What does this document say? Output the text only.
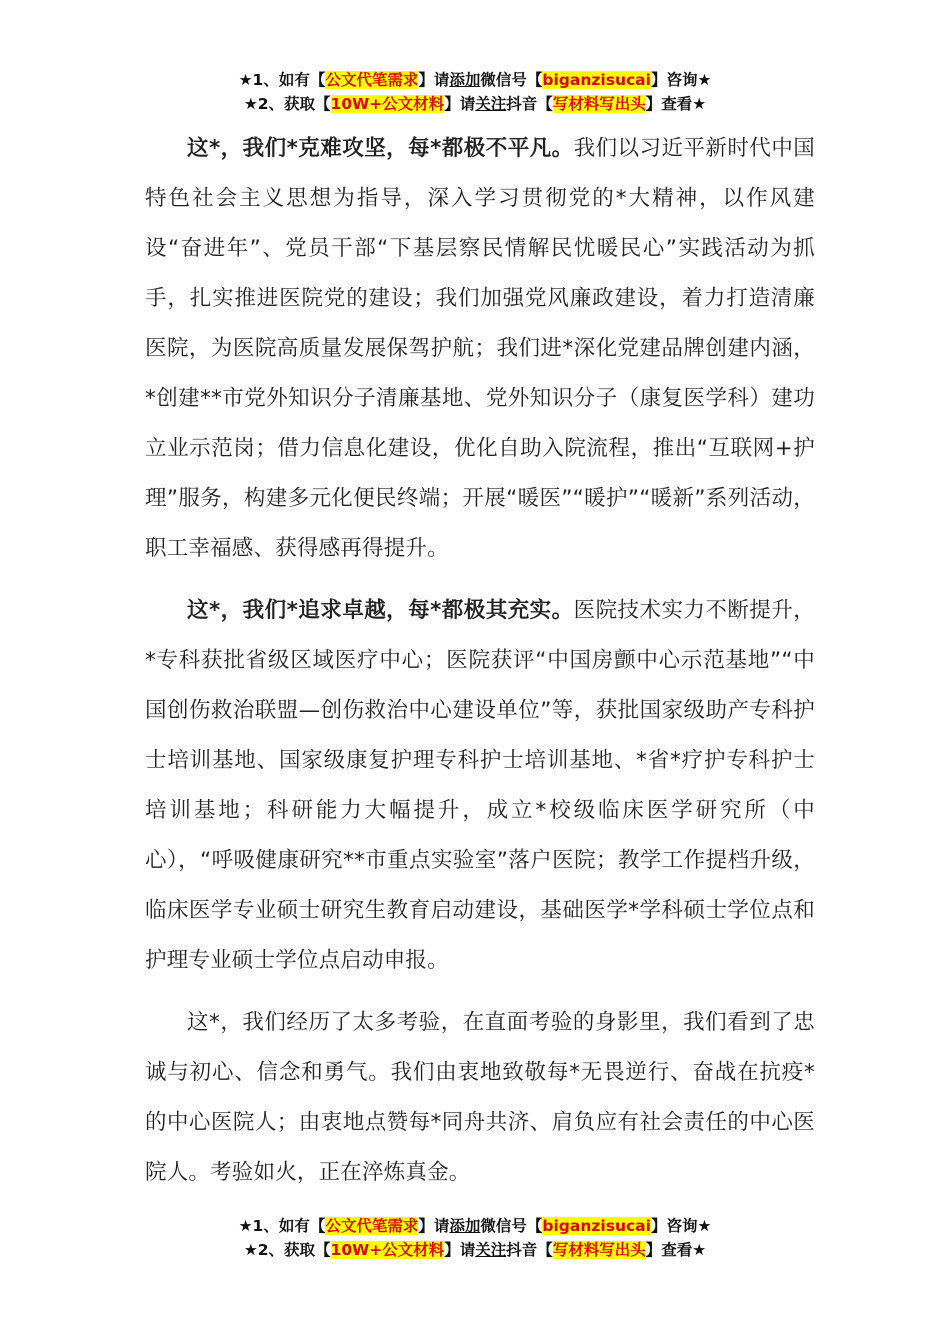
★1、如有【公文代笔需求】请添加微信号【biganzisucai】咨询★
★2、获取【10W+公文材料】请关注抖音【写材料写出头】查看★

这*，我们*克难攻坚，每*都极不平凡。我们以习近平新时代中国特色社会主义思想为指导，深入学习贯彻党的*大精神，以作风建设“奋进年”、党员干部“下基层察民情解民忧暖民心”实践活动为抓手，扎实推进医院党的建设；我们加强党风廉政建设，着力打造清廉医院，为医院高质量发展保驾护航；我们进*深化党建品牌创建内涵，*创建**市党外知识分子清廉基地、党外知识分子（康复医学科）建功立业示范岗；借力信息化建设，优化自助入院流程，推出“互联网+护理”服务，构建多元化便民终端；开展“暖医”“暖护”“暖新”系列活动，职工幸福感、获得感再得提升。

这*，我们*追求卓越，每*都极其充实。医院技术实力不断提升，*专科获批省级区域医疗中心；医院获评“中国房颤中心示范基地”“中国创伤救治联盟—创伤救治中心建设单位”等，获批国家级助产专科护士培训基地、国家级康复护理专科护士培训基地、*省*疗护专科护士培训基地；科研能力大幅提升，成立*校级临床医学研究所（中心），“呼吸健康研究**市重点实验室”落户医院；教学工作提档升级，临床医学专业硕士研究生教育启动建设，基础医学*学科硕士学位点和护理专业硕士学位点启动申报。

这*，我们经历了太多考验，在直面考验的身影里，我们看到了忠诚与初心、信念和勇气。我们由衷地致敬每*无畏逆行、奋战在抗疫*的中心医院人；由衷地点赞每*同舟共济、肩负应有社会责任的中心医院人。考验如火，正在淬炼真金。

★1、如有【公文代笔需求】请添加微信号【biganzisucai】咨询★
★2、获取【10W+公文材料】请关注抖音【写材料写出头】查看★
